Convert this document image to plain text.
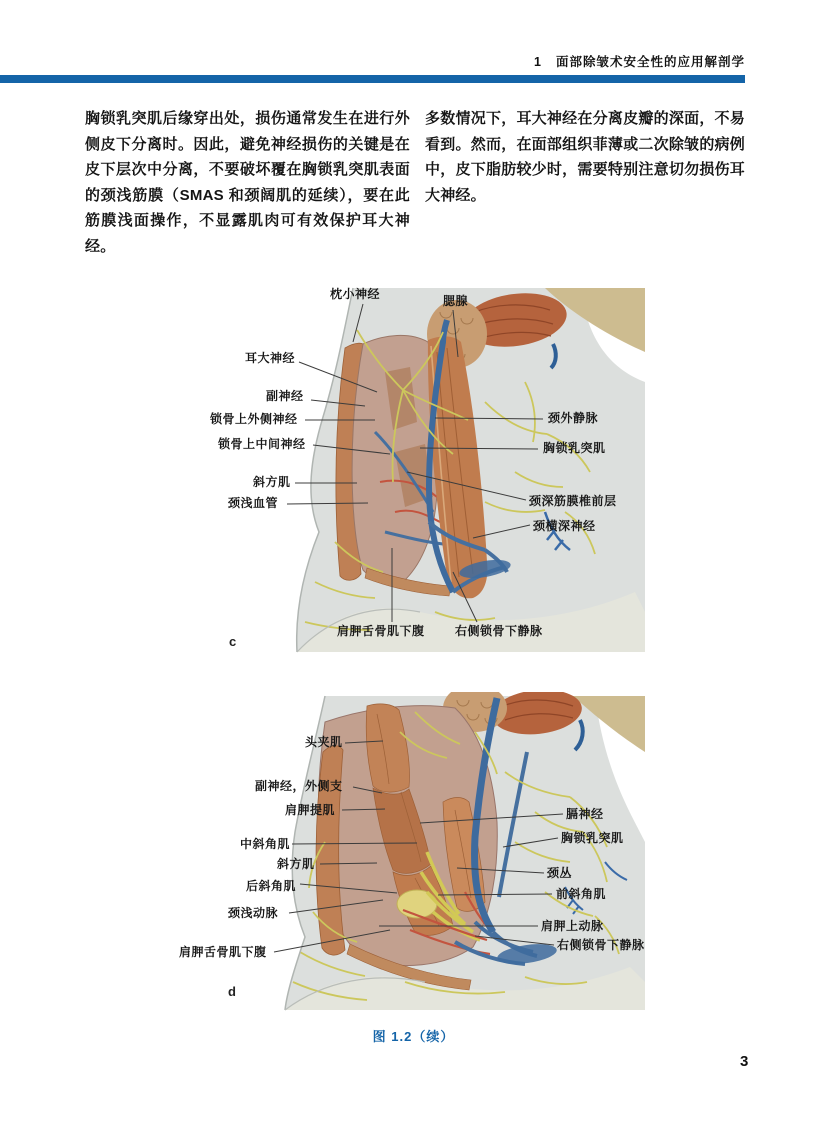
1 面部除皱术安全性的应用解剖学
胸锁乳突肌后缘穿出处，损伤通常发生在进行外
侧皮下分离时。因此，避免神经损伤的关键是在
皮下层次中分离，不要破坏覆在胸锁乳突肌表面
的颈浅筋膜（SMAS 和颈阔肌的延续），要在此
筋膜浅面操作，不显露肌肉可有效保护耳大神经。
多数情况下，耳大神经在分离皮瓣的深面，不易
看到。然而，在面部组织菲薄或二次除皱的病例
中，皮下脂肪较少时，需要特别注意切勿损伤耳
大神经。
枕小神经	腮腺
耳大神经
副神经
锁骨上外侧神经
锁骨上中间神经
斜方肌
颈浅血管
颈外静脉
胸锁乳突肌
颈深筋膜椎前层
颈横深神经
肩胛舌骨肌下腹	右侧锁骨下静脉
c
头夹肌
副神经，外侧支
肩胛提肌
中斜角肌
斜方肌
后斜角肌
颈浅动脉
肩胛舌骨肌下腹
膈神经
胸锁乳突肌
颈丛
前斜角肌
肩胛上动脉
右侧锁骨下静脉
d
图 1.2（续）
3
